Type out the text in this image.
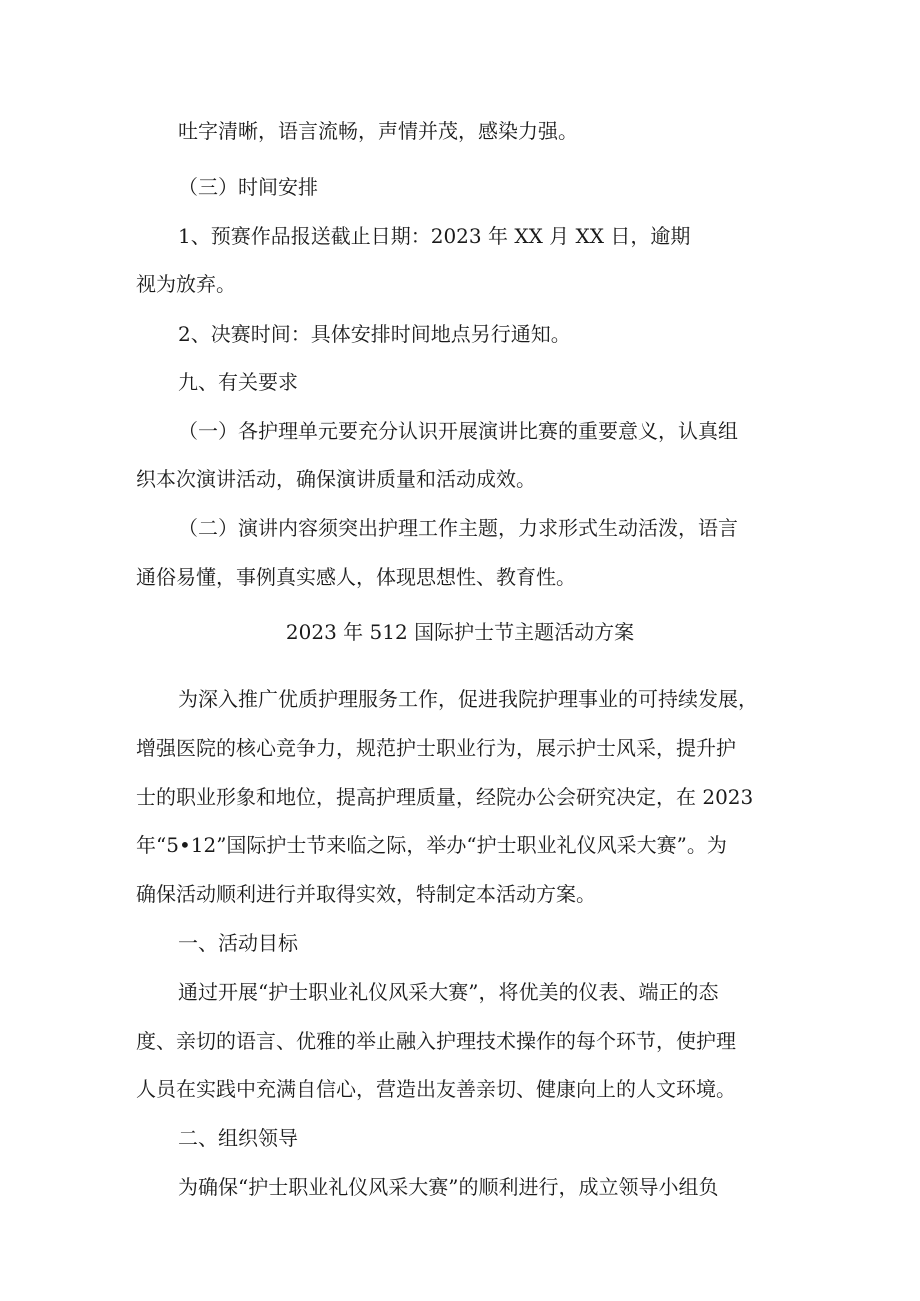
吐字清晰，语言流畅，声情并茂，感染力强。
（三）时间安排
1、预赛作品报送截止日期：2023 年 XX 月 XX 日，逾期
视为放弃。
2、决赛时间：具体安排时间地点另行通知。
九、有关要求
（一）各护理单元要充分认识开展演讲比赛的重要意义，认真组
织本次演讲活动，确保演讲质量和活动成效。
（二）演讲内容须突出护理工作主题，力求形式生动活泼，语言
通俗易懂，事例真实感人，体现思想性、教育性。
2023 年 512 国际护士节主题活动方案
为深入推广优质护理服务工作，促进我院护理事业的可持续发展，
增强医院的核心竞争力，规范护士职业行为，展示护士风采，提升护
士的职业形象和地位，提高护理质量，经院办公会研究决定，在 2023
年“5•12”国际护士节来临之际，举办“护士职业礼仪风采大赛”。为
确保活动顺利进行并取得实效，特制定本活动方案。
一、活动目标
通过开展“护士职业礼仪风采大赛”，将优美的仪表、端正的态
度、亲切的语言、优雅的举止融入护理技术操作的每个环节，使护理
人员在实践中充满自信心，营造出友善亲切、健康向上的人文环境。
二、组织领导
为确保“护士职业礼仪风采大赛”的顺利进行，成立领导小组负
